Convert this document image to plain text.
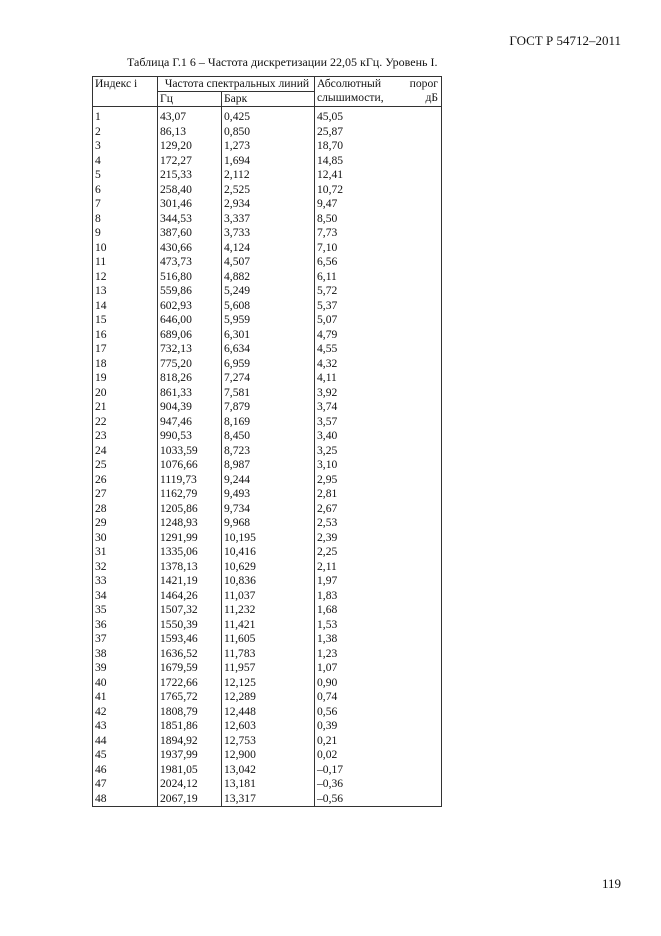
ГОСТ Р 54712–2011
Таблица Г.1 6 – Частота дискретизации 22,05 кГц. Уровень I.
Индекс i	Частота спектральных линий		Абсолютный порог слышимости, дБ
	Гц	Барк	
1	43,07	0,425	45,05
2	86,13	0,850	25,87
3	129,20	1,273	18,70
4	172,27	1,694	14,85
5	215,33	2,112	12,41
6	258,40	2,525	10,72
7	301,46	2,934	9,47
8	344,53	3,337	8,50
9	387,60	3,733	7,73
10	430,66	4,124	7,10
11	473,73	4,507	6,56
12	516,80	4,882	6,11
13	559,86	5,249	5,72
14	602,93	5,608	5,37
15	646,00	5,959	5,07
16	689,06	6,301	4,79
17	732,13	6,634	4,55
18	775,20	6,959	4,32
19	818,26	7,274	4,11
20	861,33	7,581	3,92
21	904,39	7,879	3,74
22	947,46	8,169	3,57
23	990,53	8,450	3,40
24	1033,59	8,723	3,25
25	1076,66	8,987	3,10
26	1119,73	9,244	2,95
27	1162,79	9,493	2,81
28	1205,86	9,734	2,67
29	1248,93	9,968	2,53
30	1291,99	10,195	2,39
31	1335,06	10,416	2,25
32	1378,13	10,629	2,11
33	1421,19	10,836	1,97
34	1464,26	11,037	1,83
35	1507,32	11,232	1,68
36	1550,39	11,421	1,53
37	1593,46	11,605	1,38
38	1636,52	11,783	1,23
39	1679,59	11,957	1,07
40	1722,66	12,125	0,90
41	1765,72	12,289	0,74
42	1808,79	12,448	0,56
43	1851,86	12,603	0,39
44	1894,92	12,753	0,21
45	1937,99	12,900	0,02
46	1981,05	13,042	–0,17
47	2024,12	13,181	–0,36
48	2067,19	13,317	–0,56
119
